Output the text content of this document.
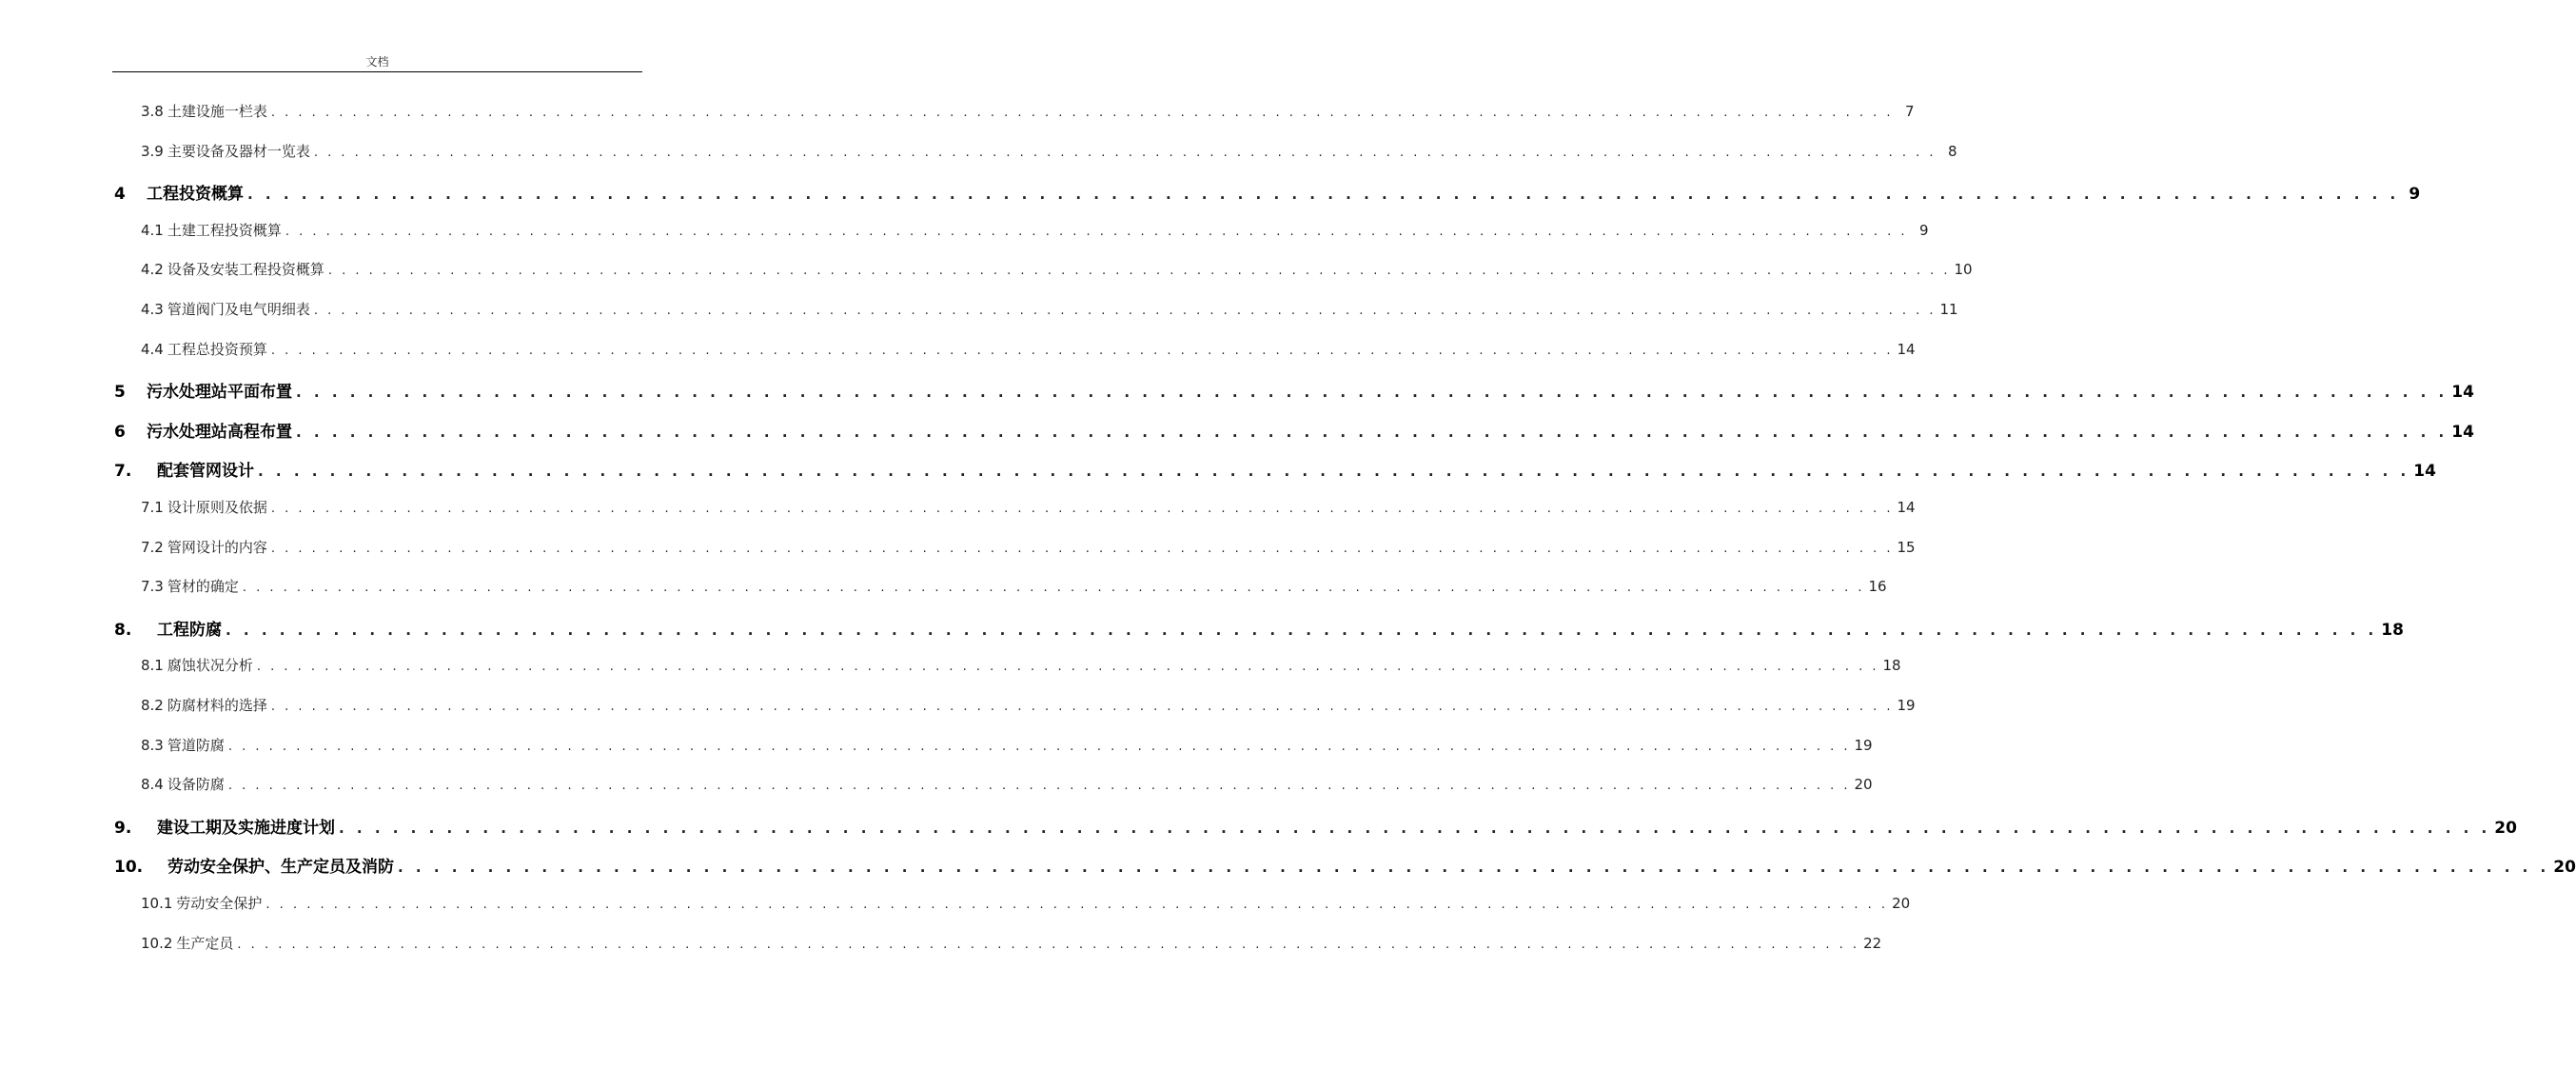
文档
3.8 土建设施一栏表 . . . . . . . . . . . . . . . . . . . . . . . . . . . . . . . . . . . . . . . . . . . . . . . . . . . . . . . . . . . . . . . . . . . . . . . . . . . . . . . . . . . . . . . . . . . . . . . . . . . . . . . . . . . . . . . . . . . . . . . . 7
3.9 主要设备及器材一览表 . . . . . . . . . . . . . . . . . . . . . . . . . . . . . . . . . . . . . . . . . . . . . . . . . . . . . . . . . . . . . . . . . . . . . . . . . . . . . . . . . . . . . . . . . . . . . . . . . . . . . . . . . . . . . . . . . . . . . . . . 8
4 工程投资概算 . . . . . . . . . . . . . . . . . . . . . . . . . . . . . . . . . . . . . . . . . . . . . . . . . . . . . . . . . . . . . . . . . . . . . . . . . . . . . . . . . . . . . . . . . . . . . . . . . . . . . . . . . . . . . . . . . . . . . . . . 9
4.1 土建工程投资概算 . . . . . . . . . . . . . . . . . . . . . . . . . . . . . . . . . . . . . . . . . . . . . . . . . . . . . . . . . . . . . . . . . . . . . . . . . . . . . . . . . . . . . . . . . . . . . . . . . . . . . . . . . . . . . . . . . . . . . . . . 9
4.2 设备及安装工程投资概算 . . . . . . . . . . . . . . . . . . . . . . . . . . . . . . . . . . . . . . . . . . . . . . . . . . . . . . . . . . . . . . . . . . . . . . . . . . . . . . . . . . . . . . . . . . . . . . . . . . . . . . . . . . . . . . . . . . . . . . . . 10
4.3 管道阀门及电气明细表 . . . . . . . . . . . . . . . . . . . . . . . . . . . . . . . . . . . . . . . . . . . . . . . . . . . . . . . . . . . . . . . . . . . . . . . . . . . . . . . . . . . . . . . . . . . . . . . . . . . . . . . . . . . . . . . . . . . . . . . . 11
4.4 工程总投资预算 . . . . . . . . . . . . . . . . . . . . . . . . . . . . . . . . . . . . . . . . . . . . . . . . . . . . . . . . . . . . . . . . . . . . . . . . . . . . . . . . . . . . . . . . . . . . . . . . . . . . . . . . . . . . . . . . . . . . . . . . 14
5 污水处理站平面布置 . . . . . . . . . . . . . . . . . . . . . . . . . . . . . . . . . . . . . . . . . . . . . . . . . . . . . . . . . . . . . . . . . . . . . . . . . . . . . . . . . . . . . . . . . . . . . . . . . . . . . . . . . . . . . . . . . . . . . . . . 14
6 污水处理站高程布置 . . . . . . . . . . . . . . . . . . . . . . . . . . . . . . . . . . . . . . . . . . . . . . . . . . . . . . . . . . . . . . . . . . . . . . . . . . . . . . . . . . . . . . . . . . . . . . . . . . . . . . . . . . . . . . . . . . . . . . . . 14
7. 配套管网设计 . . . . . . . . . . . . . . . . . . . . . . . . . . . . . . . . . . . . . . . . . . . . . . . . . . . . . . . . . . . . . . . . . . . . . . . . . . . . . . . . . . . . . . . . . . . . . . . . . . . . . . . . . . . . . . . . . . . . . . . . 14
7.1 设计原则及依据 . . . . . . . . . . . . . . . . . . . . . . . . . . . . . . . . . . . . . . . . . . . . . . . . . . . . . . . . . . . . . . . . . . . . . . . . . . . . . . . . . . . . . . . . . . . . . . . . . . . . . . . . . . . . . . . . . . . . . . . . 14
7.2 管网设计的内容 . . . . . . . . . . . . . . . . . . . . . . . . . . . . . . . . . . . . . . . . . . . . . . . . . . . . . . . . . . . . . . . . . . . . . . . . . . . . . . . . . . . . . . . . . . . . . . . . . . . . . . . . . . . . . . . . . . . . . . . . 15
7.3 管材的确定 . . . . . . . . . . . . . . . . . . . . . . . . . . . . . . . . . . . . . . . . . . . . . . . . . . . . . . . . . . . . . . . . . . . . . . . . . . . . . . . . . . . . . . . . . . . . . . . . . . . . . . . . . . . . . . . . . . . . . . . . 16
8. 工程防腐 . . . . . . . . . . . . . . . . . . . . . . . . . . . . . . . . . . . . . . . . . . . . . . . . . . . . . . . . . . . . . . . . . . . . . . . . . . . . . . . . . . . . . . . . . . . . . . . . . . . . . . . . . . . . . . . . . . . . . . . . 18
8.1 腐蚀状况分析 . . . . . . . . . . . . . . . . . . . . . . . . . . . . . . . . . . . . . . . . . . . . . . . . . . . . . . . . . . . . . . . . . . . . . . . . . . . . . . . . . . . . . . . . . . . . . . . . . . . . . . . . . . . . . . . . . . . . . . . . 18
8.2 防腐材料的选择 . . . . . . . . . . . . . . . . . . . . . . . . . . . . . . . . . . . . . . . . . . . . . . . . . . . . . . . . . . . . . . . . . . . . . . . . . . . . . . . . . . . . . . . . . . . . . . . . . . . . . . . . . . . . . . . . . . . . . . . . 19
8.3 管道防腐 . . . . . . . . . . . . . . . . . . . . . . . . . . . . . . . . . . . . . . . . . . . . . . . . . . . . . . . . . . . . . . . . . . . . . . . . . . . . . . . . . . . . . . . . . . . . . . . . . . . . . . . . . . . . . . . . . . . . . . . . 19
8.4 设备防腐 . . . . . . . . . . . . . . . . . . . . . . . . . . . . . . . . . . . . . . . . . . . . . . . . . . . . . . . . . . . . . . . . . . . . . . . . . . . . . . . . . . . . . . . . . . . . . . . . . . . . . . . . . . . . . . . . . . . . . . . . 20
9. 建设工期及实施进度计划 . . . . . . . . . . . . . . . . . . . . . . . . . . . . . . . . . . . . . . . . . . . . . . . . . . . . . . . . . . . . . . . . . . . . . . . . . . . . . . . . . . . . . . . . . . . . . . . . . . . . . . . . . . . . . . . . . . . . . . . . 20
10. 劳动安全保护、生产定员及消防 . . . . . . . . . . . . . . . . . . . . . . . . . . . . . . . . . . . . . . . . . . . . . . . . . . . . . . . . . . . . . . . . . . . . . . . . . . . . . . . . . . . . . . . . . . . . . . . . . . . . . . . . . . . . . . . . . . . . . . . . 20
10.1 劳动安全保护 . . . . . . . . . . . . . . . . . . . . . . . . . . . . . . . . . . . . . . . . . . . . . . . . . . . . . . . . . . . . . . . . . . . . . . . . . . . . . . . . . . . . . . . . . . . . . . . . . . . . . . . . . . . . . . . . . . . . . . . . 20
10.2 生产定员 . . . . . . . . . . . . . . . . . . . . . . . . . . . . . . . . . . . . . . . . . . . . . . . . . . . . . . . . . . . . . . . . . . . . . . . . . . . . . . . . . . . . . . . . . . . . . . . . . . . . . . . . . . . . . . . . . . . . . . . . 22
